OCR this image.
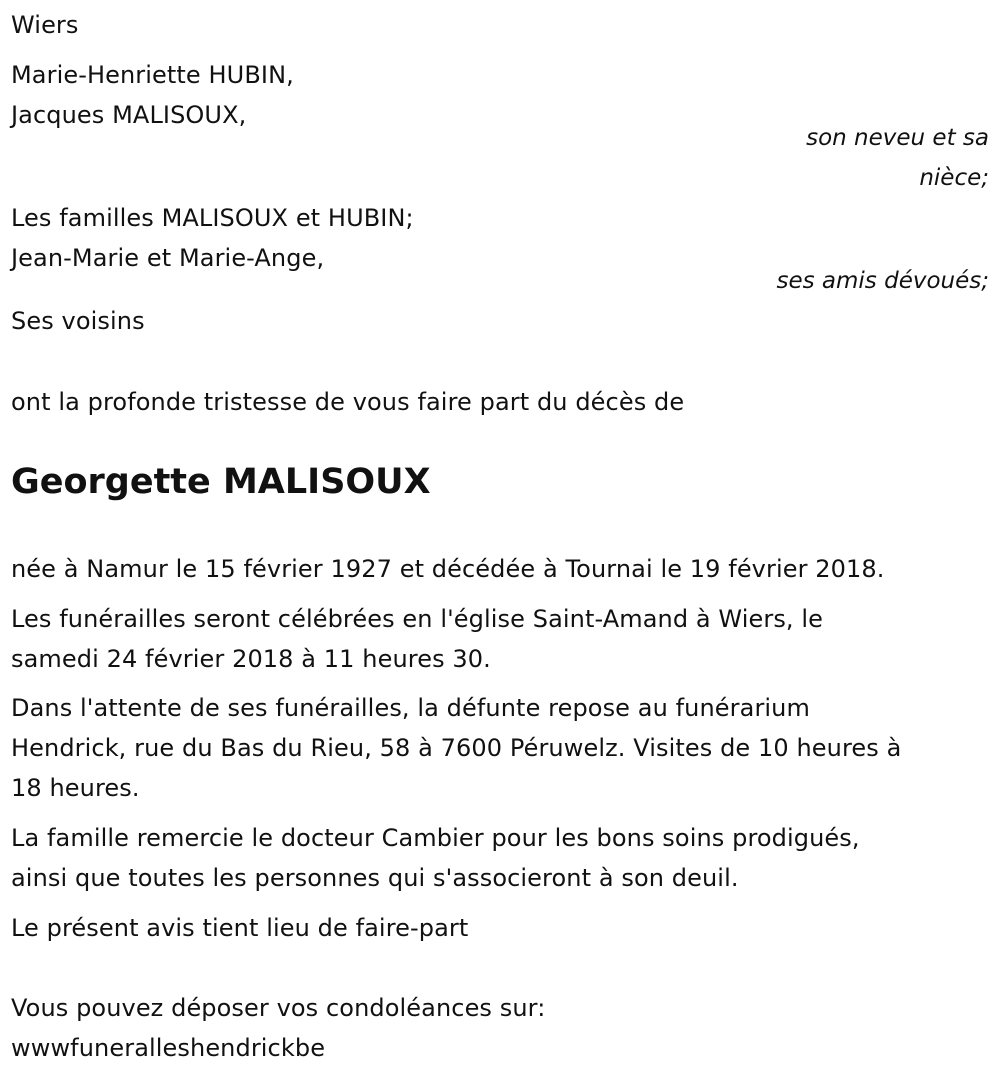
Wiers
Marie-Henriette HUBIN,
Jacques MALISOUX,
son neveu et sa
nièce;
Les familles MALISOUX et HUBIN;
Jean-Marie et Marie-Ange,
ses amis dévoués;
Ses voisins
ont la profonde tristesse de vous faire part du décès de
Georgette MALISOUX
née à Namur le 15 février 1927 et décédée à Tournai le 19 février 2018.
Les funérailles seront célébrées en l'église Saint-Amand à Wiers, le
samedi 24 février 2018 à 11 heures 30.
Dans l'attente de ses funérailles, la défunte repose au funérarium
Hendrick, rue du Bas du Rieu, 58 à 7600 Péruwelz. Visites de 10 heures à
18 heures.
La famille remercie le docteur Cambier pour les bons soins prodigués,
ainsi que toutes les personnes qui s'associeront à son deuil.
Le présent avis tient lieu de faire-part
Vous pouvez déposer vos condoléances sur:
wwwfuneralleshendrickbe
